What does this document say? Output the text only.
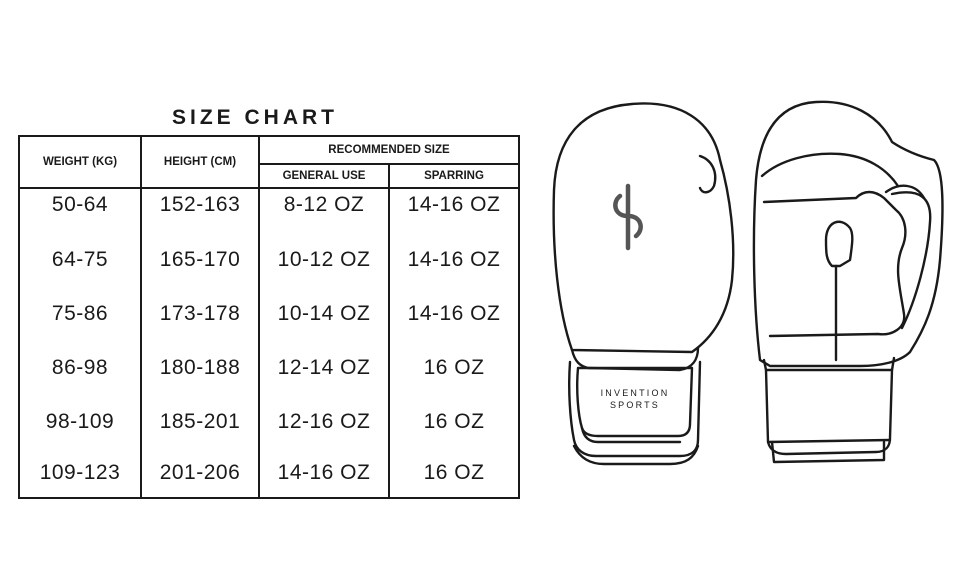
SIZE CHART
WEIGHT (KG)	HEIGHT (CM)	RECOMMENDED SIZE	
		GENERAL USE	SPARRING
50-64	152-163	8-12 OZ	14-16 OZ
64-75	165-170	10-12 OZ	14-16 OZ
75-86	173-178	10-14 OZ	14-16 OZ
86-98	180-188	12-14 OZ	16 OZ
98-109	185-201	12-16 OZ	16 OZ
109-123	201-206	14-16 OZ	16 OZ
INVENTION
SPORTS
